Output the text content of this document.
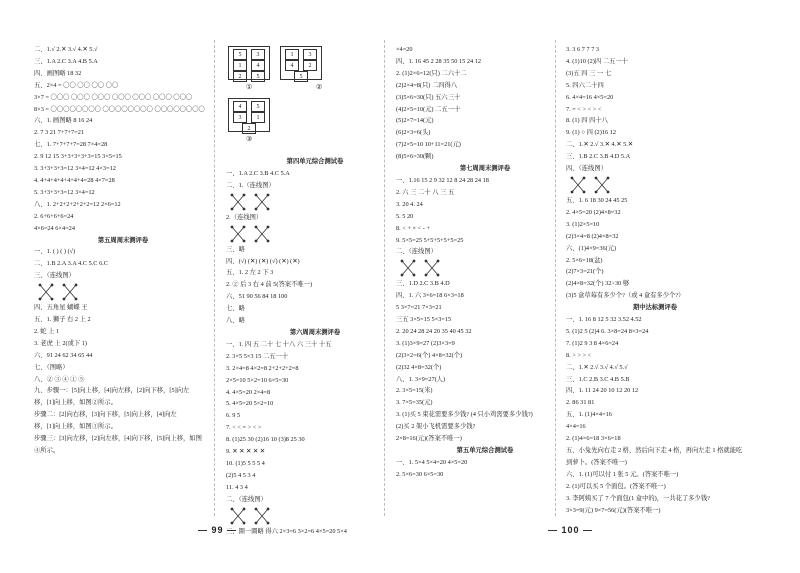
二、1.√ 2.✕ 3.√ 4.✕ 5.√
三、1.A 2.C 3.A 4.B 5.A
四、画图略 18 32
五、2×4 = 〇〇 〇〇 〇〇 〇〇
3×7 = 〇〇〇 〇〇〇 〇〇〇 〇〇〇 〇〇〇 〇〇〇 〇〇〇
8×3 = 〇〇〇〇〇〇〇〇 〇〇〇〇〇〇〇〇 〇〇〇〇〇〇〇〇
六、1. 画图略 8 16 24
2. 7 3 21 7+7+7=21
七、1. 7+7+7+7=28 7×4=28
2. 9 12 15 3+3+3+3+3=15 3×5=15
3. 3+3+3+3=12 3×4=12 4×3=12
4. 4+4+4+4+4+4+4=28 4×7=28
5. 3+3+3+3=12 3×4=12
八、1. 2+2+2+2+2+2=12 2×6=12
2. 6+6+6+6=24
4×6=24 6×4=24
第五周周末测评卷
一、1. ( ) ( ) (√)
二、1.B 2.A 3.A 4.C 5.C 6.C
三、（连线图）
四、五角星 蝴蝶 王
五、1. 狮子 右 2 上 2
2. 蛇 上 1
3. 老虎 上 2(或下 1)
六、91 24 62 34 65 44
七、（图略）
八、② ③ ④ ① ⑤
九、步骤一：[5]向上移，[4]向左移，[2]向下移，[5]向左
移，[1]向上移，如图②所示。
步骤二：[2]向右移，[3]向下移，[5]向上移，[4]向左
移，[1]向上移，如图③所示。
步骤三：[3]向左移，[2]向左移，[4]向下移，[5]向上移，如图
④所示。
5	3
1	4
2	5
1	3
4	2
5
①	②
4	5
3	1
2
③
第四单元综合测试卷
一、1.A 2.C 3.B 4.C 5.A
二、1.（连线图）
2.（连线图）
三、略
四、(√) (✕) (✕) (√) (✕) (✕)
五、1. 2 左 2 下 3
2. ② 后 3 右 4 前 5(答案不唯一)
六、51 90 56 84 18 100
七、略
八、略
第六周周末测评卷
一、1. 四 五 二十 七 十八 六 三十 十五
2. 3×5 5×3 15 二五一十
3. 2×4=8 4×2=8 2+2+2+2=8
2×5=10 5×2=10 6×5=30
4. 4×5=20 2×4=8
5. 4×5=20 5×2=10
6. 9 5
7. < < = > < >
8. (1)25 30 (2)16 10 (3)8 25 30
9. ✕ ✕ ✕ ✕ ✕
10. (1)5 5 5 5 4
(2)5 4 5 3 4
11. 4 3 4
二、（连线图）
三、圈一圈略 得六 2×3=6 3×2=6 4×5=20 5×4
×4=20
四、1. 16 45 2 28 35 50 15 24 12
2. (1)2×6=12(只) 二六十二
(2)2×4=8(只) 二四得八
(3)5×6=30(只) 五六三十
(4)2×5=10(元) 二五一十
(5)2×7=14(元)
(6)2×3=6(头)
(7)2×5=10 10+11=21(元)
(8)5×6=30(颗)
第七周周末测评卷
一、1.16 15 2 9 32 12 8 24 28 24 18
2. 六 三 二十 八 三 五
3. 20 4. 24
5. 5 20
8. < + × < - +
9. 5×5=25 5+5+5+5+5=25
二、（连线图）
三、1.D 2.C 3.B 4.D
四、1. 六 3×6=18 6×3=18
5 3×7=21 7×3=21
三五 3×5=15 5×3=15
2. 20 24 28 24 20 35 40 45 32
3. (1)3×9=27 (2)3×3=9
(2)3×2=6(个) 4×8=32(个)
(2)32 4×8=32(个)
八、1. 3×9=27(人)
2. 3×5=15(米)
3. 7×5=35(元)
3. (1)买 5 束花需要多少钱? (4 只小鸡需要多少钱?)
(2)买 2 架小飞机需要多少钱?
2×8=16(元)(答案不唯一)
第五单元综合测试卷
一、1. 5×4 5×4=20 4×5=20
2. 5×6=30 6×5=30
3. 3 6 7 7 7 3
4. (1)10 (2)四 二五一十
(3)五 四 三 一 七
5. 四六二十四
6. 4×4=16 4×5=20
7. = < > < > <
8. (1) 四 四十八
9. (1) ○ 四 (2)16 12
二、1.✕ 2.√ 3.✕ 4.✕ 5.✕
三、1.B 2.C 3.B 4.D 5.A
四、（连线图）
五、1. 6 18 30 24 45 25
2. 4×5=20 (2)4×8=32
3. (1)2×5=10
(2)3×4=8 (2)4×8=32
六、(1)4×9=36(元)
2. 5×6=18(盆)
(2)7×3=21(个)
(2)4×8=32(个) 32>30 够
(3)5 盒草莓有多少个?（或 4 盒有多少个?）
期中达标测评卷
一、1. 16 8 12 5 32 3.52 4.52
5. (1)2 5 (2)4 6. 3×8=24 8×3=24
7. (1)2 9 3 8 4×6=24
8. > > > <
二、1.✕ 2.√ 3.√ 4.√ 5.√
三、1.C 2.B 3.C 4.B 5.B
四、1. 11 24 20 10 12 20 12
2. 86 31 81
五、1. (1)4×4=16
4×4=16
2. (1)4×6=18 3×6=18
五、小兔先向右走 2 格，然后向下走 4 格，再向左走 1 格就能吃
到萝卜。(答案不唯一)
六、1. (1)可以付 1 张 5 元。(答案不唯一)
2. (1)可以买 5 个面包。(答案不唯一)
3. 李阿姨买了 7 个面包(1 盒中的)，一共花了多少钱?
3×3=9(元) 9×7=56(元)(答案不唯一)
— 99 —	— 100 —
